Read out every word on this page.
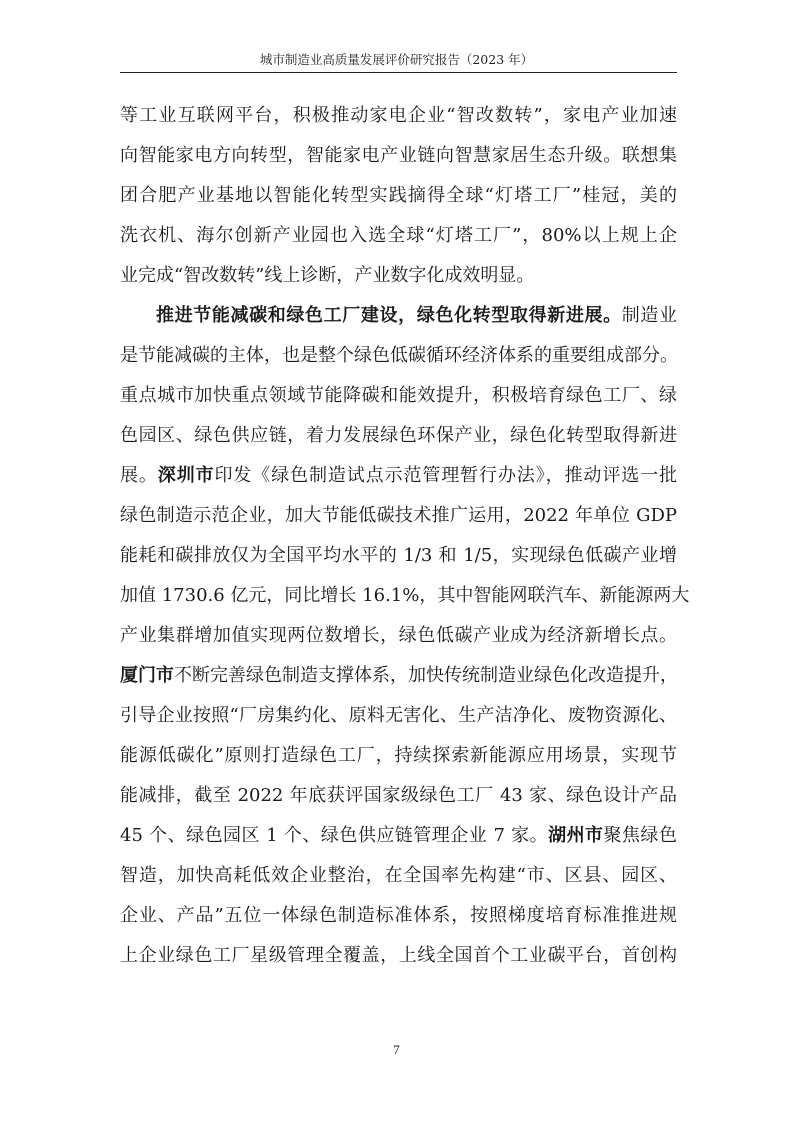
城市制造业高质量发展评价研究报告（2023 年）
等工业互联网平台，积极推动家电企业“智改数转”，家电产业加速
向智能家电方向转型，智能家电产业链向智慧家居生态升级。联想集
团合肥产业基地以智能化转型实践摘得全球“灯塔工厂”桂冠，美的
洗衣机、海尔创新产业园也入选全球“灯塔工厂”，80%以上规上企
业完成“智改数转”线上诊断，产业数字化成效明显。
推进节能减碳和绿色工厂建设，绿色化转型取得新进展。制造业
是节能减碳的主体，也是整个绿色低碳循环经济体系的重要组成部分。
重点城市加快重点领域节能降碳和能效提升，积极培育绿色工厂、绿
色园区、绿色供应链，着力发展绿色环保产业，绿色化转型取得新进
展。深圳市印发《绿色制造试点示范管理暂行办法》，推动评选一批
绿色制造示范企业，加大节能低碳技术推广运用，2022 年单位 GDP
能耗和碳排放仅为全国平均水平的 1/3 和 1/5，实现绿色低碳产业增
加值 1730.6 亿元，同比增长 16.1%，其中智能网联汽车、新能源两大
产业集群增加值实现两位数增长，绿色低碳产业成为经济新增长点。
厦门市不断完善绿色制造支撑体系，加快传统制造业绿色化改造提升，
引导企业按照“厂房集约化、原料无害化、生产洁净化、废物资源化、
能源低碳化”原则打造绿色工厂，持续探索新能源应用场景，实现节
能减排，截至 2022 年底获评国家级绿色工厂 43 家、绿色设计产品
45 个、绿色园区 1 个、绿色供应链管理企业 7 家。湖州市聚焦绿色
智造，加快高耗低效企业整治，在全国率先构建“市、区县、园区、
企业、产品”五位一体绿色制造标准体系，按照梯度培育标准推进规
上企业绿色工厂星级管理全覆盖，上线全国首个工业碳平台，首创构
7
